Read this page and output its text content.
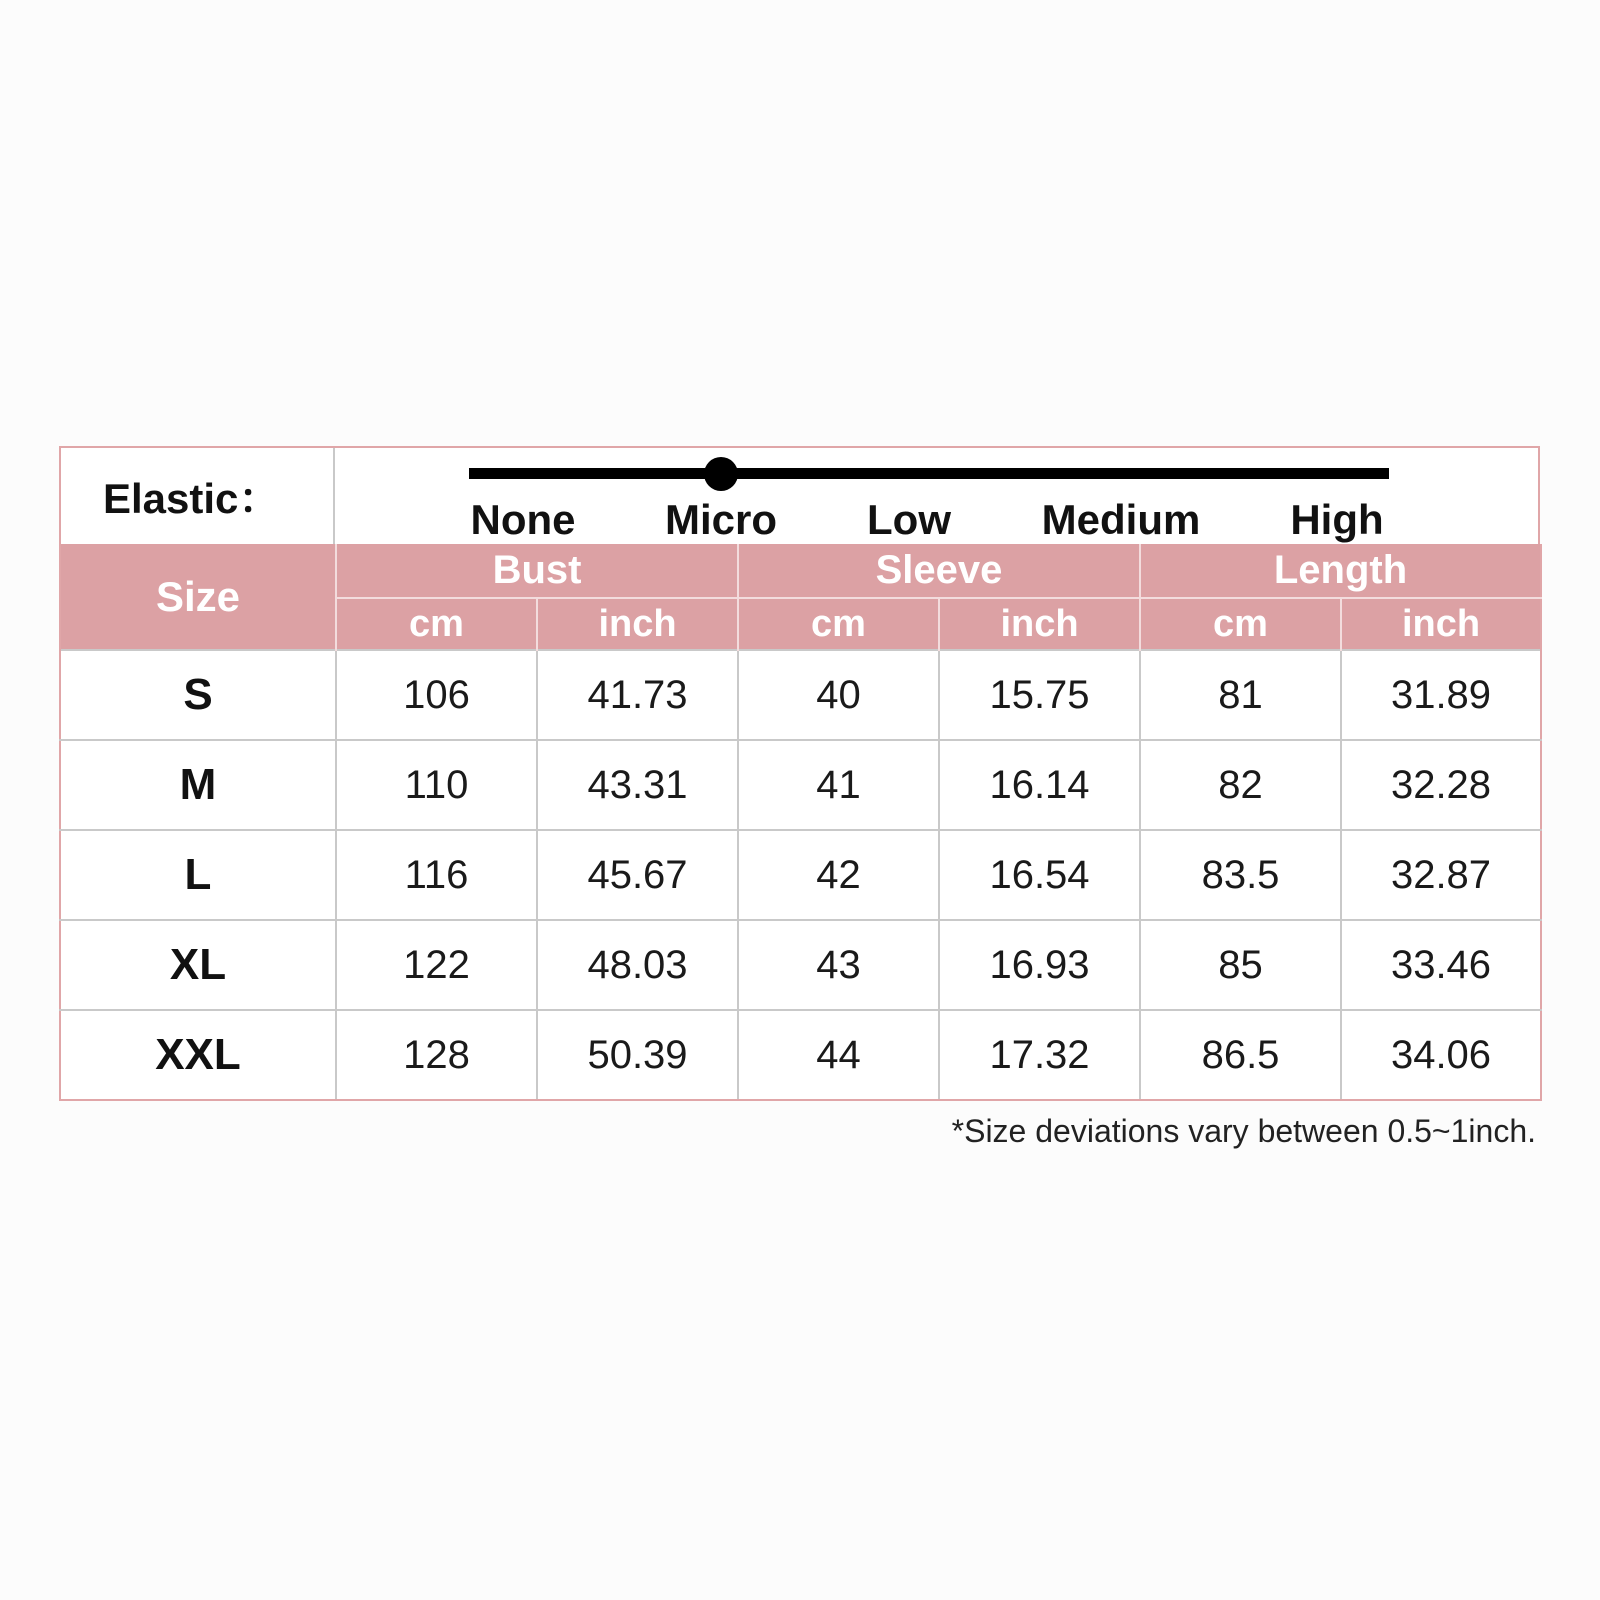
Elastic：	None Micro Low Medium High
Size	Bust		Sleeve		Length	
	cm	inch	cm	inch	cm	inch
S	106	41.73	40	15.75	81	31.89
M	110	43.31	41	16.14	82	32.28
L	116	45.67	42	16.54	83.5	32.87
XL	122	48.03	43	16.93	85	33.46
XXL	128	50.39	44	17.32	86.5	34.06
*Size deviations vary between 0.5~1inch.
